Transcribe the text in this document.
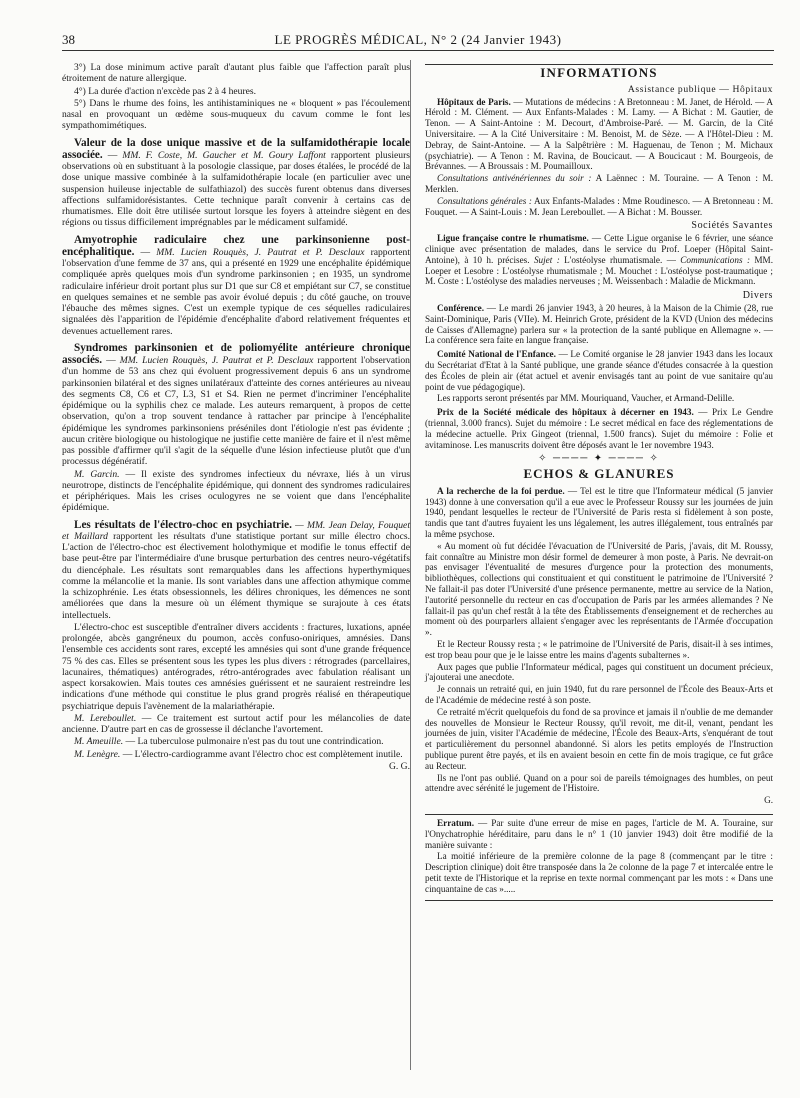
38	LE PROGRÈS MÉDICAL, N° 2 (24 Janvier 1943)

3°) La dose minimum active paraît d'autant plus faible que l'affection paraît plus étroitement de nature allergique.

4°) La durée d'action n'excède pas 2 à 4 heures.

5°) Dans le rhume des foins, les antihistaminiques ne « bloquent » pas l'écoulement nasal en provoquant un œdème sous-muqueux du cavum comme le font les sympathomimétiques.

Valeur de la dose unique massive et de la sulfamidothérapie locale associée. — MM. F. Coste, M. Gaucher et M. Goury Laffont rapportent plusieurs observations où en substituant à la posologie classique, par doses étalées, le procédé de la dose unique massive combinée à la sulfamidothérapie locale (en particulier avec une suspension huileuse injectable de sulfathiazol) des succès furent obtenus dans diverses affections sulfamidorésistantes. Cette technique paraît convenir à certains cas de rhumatismes. Elle doit être utilisée surtout lorsque les foyers à atteindre siègent en des régions ou tissus difficilement imprégnables par le médicament sulfamidé.

Amyotrophie radiculaire chez une parkinsonienne post-encéphalitique. — MM. Lucien Rouquès, J. Pautrat et P. Desclaux rapportent l'observation d'une femme de 37 ans, qui a présenté en 1929 une encéphalite épidémique compliquée après quelques mois d'un syndrome parkinsonien ; en 1935, un syndrome radiculaire inférieur droit portant plus sur D1 que sur C8 et empiétant sur C7, se constitue en quelques semaines et ne semble pas avoir évolué depuis ; du côté gauche, on trouve l'ébauche des mêmes signes. C'est un exemple typique de ces séquelles radiculaires signalées dès l'apparition de l'épidémie d'encéphalite d'abord relativement fréquentes et devenues actuellement rares.

Syndromes parkinsonien et de poliomyélite antérieure chronique associés. — MM. Lucien Rouquès, J. Pautrat et P. Desclaux rapportent l'observation d'un homme de 53 ans chez qui évoluent progressivement depuis 6 ans un syndrome parkinsonien bilatéral et des signes unilatéraux d'atteinte des cornes antérieures au niveau des segments C8, C6 et C7, L3, S1 et S4. Rien ne permet d'incriminer l'encéphalite épidémique ou la syphilis chez ce malade. Les auteurs remarquent, à propos de cette observation, qu'on a trop souvent tendance à rattacher par principe à l'encéphalite épidémique les syndromes parkinsoniens préséniles dont l'étiologie n'est pas évidente ; aucun critère biologique ou histologique ne justifie cette manière de faire et il n'est même pas possible d'affirmer qu'il s'agit de la séquelle d'une lésion infectieuse plutôt que d'un processus dégénératif.

M. Garcin. — Il existe des syndromes infectieux du névraxe, liés à un virus neurotrope, distincts de l'encéphalite épidémique, qui donnent des syndromes radiculaires et périphériques. Mais les crises oculogyres ne se voient que dans l'encéphalite épidémique.

Les résultats de l'électro-choc en psychiatrie. — MM. Jean Delay, Fouquet et Maillard rapportent les résultats d'une statistique portant sur mille électro chocs. L'action de l'électro-choc est électivement holothymique et modifie le tonus effectif de base peut-être par l'intermédiaire d'une brusque perturbation des centres neuro-végétatifs du diencéphale. Les résultats sont remarquables dans les affections hyperthymiques comme la mélancolie et la manie. Ils sont variables dans une affection athymique comme la schizophrénie. Les états obsessionnels, les délires chroniques, les démences ne sont améliorées que dans la mesure où un élément thymique se surajoute à ces états intellectuels.

L'électro-choc est susceptible d'entraîner divers accidents : fractures, luxations, apnée prolongée, abcès gangréneux du poumon, accès confuso-oniriques, amnésies. Dans l'ensemble ces accidents sont rares, excepté les amnésies qui sont d'une grande fréquence 75 % des cas. Elles se présentent sous les types les plus divers : rétrogrades (parcellaires, lacunaires, thématiques) antérogrades, rétro-antérogrades avec fabulation réalisant un aspect korsakowien. Mais toutes ces amnésies guérissent et ne sauraient restreindre les indications d'une méthode qui constitue le plus grand progrès réalisé en thérapeutique psychiatrique depuis l'avènement de la malariathérapie.

M. Lereboullet. — Ce traitement est surtout actif pour les mélancolies de date ancienne. D'autre part en cas de grossesse il déclanche l'avortement.

M. Ameuille. — La tuberculose pulmonaire n'est pas du tout une contrindication.

M. Lenègre. — L'électro-cardiogramme avant l'électro choc est complètement inutile.

G. G.

INFORMATIONS
Assistance publique — Hôpitaux

Hôpitaux de Paris. — Mutations de médecins : A Bretonneau : M. Janet, de Hérold. — A Hérold : M. Clément. — Aux Enfants-Malades : M. Lamy. — A Bichat : M. Gautier, de Tenon. — A Saint-Antoine : M. Decourt, d'Ambroise-Paré. — M. Garcin, de la Cité Universitaire. — A la Cité Universitaire : M. Benoist, M. de Sèze. — A l'Hôtel-Dieu : M. Debray, de Saint-Antoine. — A la Salpêtrière : M. Haguenau, de Tenon ; M. Michaux (psychiatrie). — A Tenon : M. Ravina, de Boucicaut. — A Boucicaut : M. Bourgeois, de Brévannes. — A Broussais : M. Poumailloux.

Consultations antivénériennes du soir : A Laënnec : M. Touraine. — A Tenon : M. Merklen.

Consultations générales : Aux Enfants-Malades : Mme Roudinesco. — A Bretonneau : M. Fouquet. — A Saint-Louis : M. Jean Lereboullet. — A Bichat : M. Bousser.

Sociétés Savantes

Ligue française contre le rhumatisme. — Cette Ligue organise le 6 février, une séance clinique avec présentation de malades, dans le service du Prof. Loeper (Hôpital Saint-Antoine), à 10 h. précises. Sujet : L'ostéolyse rhumatismale. — Communications : MM. Loeper et Lesobre : L'ostéolyse rhumatismale ; M. Mouchet : L'ostéolyse post-traumatique ; M. Coste : L'ostéolyse des maladies nerveuses ; M. Weissenbach : Maladie de Mickmann.

Divers

Conférence. — Le mardi 26 janvier 1943, à 20 heures, à la Maison de la Chimie (28, rue Saint-Dominique, Paris (VIIe). M. Heinrich Grote, président de la KVD (Union des médecins de Caisses d'Allemagne) parlera sur « la protection de la santé publique en Allemagne ». — La conférence sera faite en langue française.

Comité National de l'Enfance. — Le Comité organise le 28 janvier 1943 dans les locaux du Secrétariat d'Etat à la Santé publique, une grande séance d'études consacrée à la question des Écoles de plein air (état actuel et avenir envisagés tant au point de vue sanitaire qu'au point de vue pédagogique).

Les rapports seront présentés par MM. Mouriquand, Vaucher, et Armand-Delille.

Prix de la Société médicale des hôpitaux à décerner en 1943. — Prix Le Gendre (triennal, 3.000 francs). Sujet du mémoire : Le secret médical en face des réglementations de la médecine actuelle. Prix Gingeot (triennal, 1.500 francs). Sujet du mémoire : Folie et avitaminose. Les manuscrits doivent être déposés avant le 1er novembre 1943.

✧ ──── ✦ ──── ✧
ECHOS & GLANURES

A la recherche de la foi perdue. — Tel est le titre que l'Informateur médical (5 janvier 1943) donne à une conversation qu'il a eue avec le Professeur Roussy sur les journées de juin 1940, pendant lesquelles le recteur de l'Université de Paris resta si fidèlement à son poste, tandis que tant d'autres fuyaient les uns légalement, les autres illégalement, tous entraînés par la même psychose.

« Au moment où fut décidée l'évacuation de l'Université de Paris, j'avais, dit M. Roussy, fait connaître au Ministre mon désir formel de demeurer à mon poste, à Paris. Ne devrait-on pas envisager l'éventualité de mesures d'urgence pour la protection des monuments, bibliothèques, collections qui constituaient et qui constituent le patrimoine de l'Université ? Ne fallait-il pas doter l'Université d'une présence permanente, mettre au service de la Nation, l'autorité personnelle du recteur en cas d'occupation de Paris par les armées allemandes ? Ne fallait-il pas qu'un chef restât à la tête des Établissements d'enseignement et de recherches au moment où des pourparlers allaient s'engager avec les représentants de l'Armée d'occupation ».

Et le Recteur Roussy resta ; « le patrimoine de l'Université de Paris, disait-il à ses intimes, est trop beau pour que je le laisse entre les mains d'agents subalternes ».

Aux pages que publie l'Informateur médical, pages qui constituent un document précieux, j'ajouterai une anecdote.

Je connais un retraité qui, en juin 1940, fut du rare personnel de l'École des Beaux-Arts et de l'Académie de médecine resté à son poste.

Ce retraité m'écrit quelquefois du fond de sa province et jamais il n'oublie de me demander des nouvelles de Monsieur le Recteur Roussy, qu'il revoit, me dit-il, venant, pendant les journées de juin, visiter l'Académie de médecine, l'École des Beaux-Arts, s'enquérant de tout et particulièrement du personnel abandonné. Si alors les petits employés de l'Instruction publique purent être payés, et ils en avaient besoin en cette fin de mois tragique, ce fut grâce au Recteur.

Ils ne l'ont pas oublié. Quand on a pour soi de pareils témoignages des humbles, on peut attendre avec sérénité le jugement de l'Histoire.

G.

Erratum. — Par suite d'une erreur de mise en pages, l'article de M. A. Touraine, sur l'Onychatrophie héréditaire, paru dans le n° 1 (10 janvier 1943) doit être modifié de la manière suivante :

La moitié inférieure de la première colonne de la page 8 (commençant par le titre : Description clinique) doit être transposée dans la 2e colonne de la page 7 et intercalée entre le petit texte de l'Historique et la reprise en texte normal commençant par les mots : « Dans une cinquantaine de cas ».....
